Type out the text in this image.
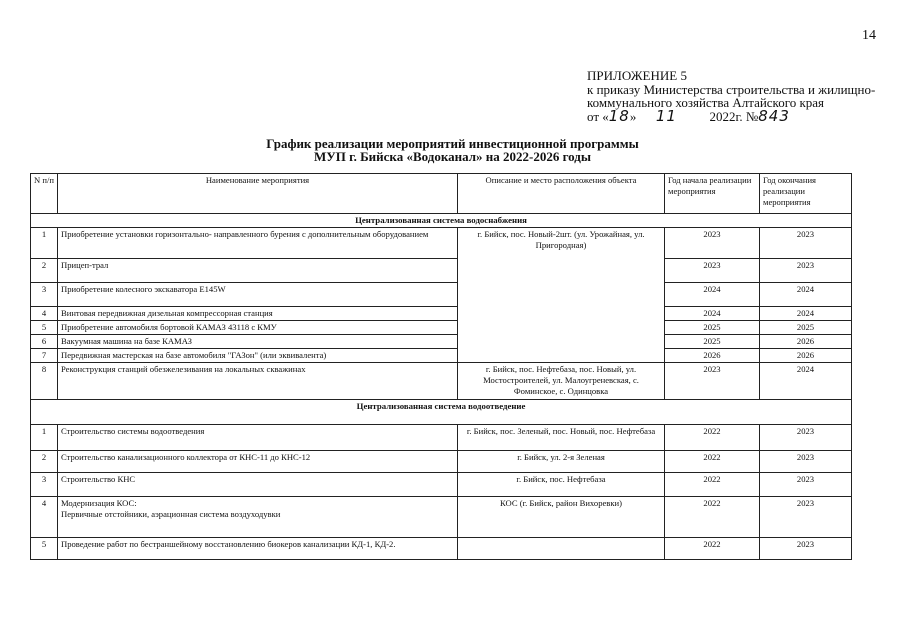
14
ПРИЛОЖЕНИЕ 5
к приказу Министерства строительства и жилищно-
коммунального хозяйства Алтайского края
от «18» 11	2022г. №843
График реализации мероприятий инвестиционной программы
МУП г. Бийска «Водоканал» на 2022-2026 годы
N п/п	Наименование мероприятия	Описание и место расположения объекта	Год начала реализации мероприятия	Год окончания реализации мероприятия
Централизованная система водоснабжения				
1	Приобретение установки горизонтально- направленного бурения с дополнительным оборудованием	г. Бийск, пос. Новый-2шт. (ул. Урожайная, ул. Пригородная)	2023	2023
2	Прицеп-трал		2023	2023
3	Приобретение колесного экскаватора E145W		2024	2024
4	Винтовая передвижная дизельная компрессорная станция		2024	2024
5	Приобретение автомобиля бортовой КАМАЗ 43118 с КМУ		2025	2025
6	Вакуумная машина на базе КАМАЗ		2025	2026
7	Передвижная мастерская на базе автомобиля "ГАЗон" (или эквивалента)		2026	2026
8	Реконструкция станций обезжелезивания на локальных скважинах	г. Бийск, пос. Нефтебаза, пос. Новый, ул. Мостостроителей, ул. Малоугреневская, с. Фоминское, с. Одинцовка	2023	2024
Централизованная система водоотведение				
1	Строительство системы водоотведения	г. Бийск, пос. Зеленый, пос. Новый, пос. Нефтебаза	2022	2023
2	Строительство канализационного коллектора от КНС-11 до КНС-12	г. Бийск, ул. 2-я Зеленая	2022	2023
3	Строительство КНС	г. Бийск, пос. Нефтебаза	2022	2023
4	Модернизация КОС:
Первичные отстойники, аэрационная система воздуходувки	КОС (г. Бийск, район Вихоревки)	2022	2023
5	Проведение работ по бестраншейному восстановлению биокеров канализации КД-1, КД-2.		2022	2023
